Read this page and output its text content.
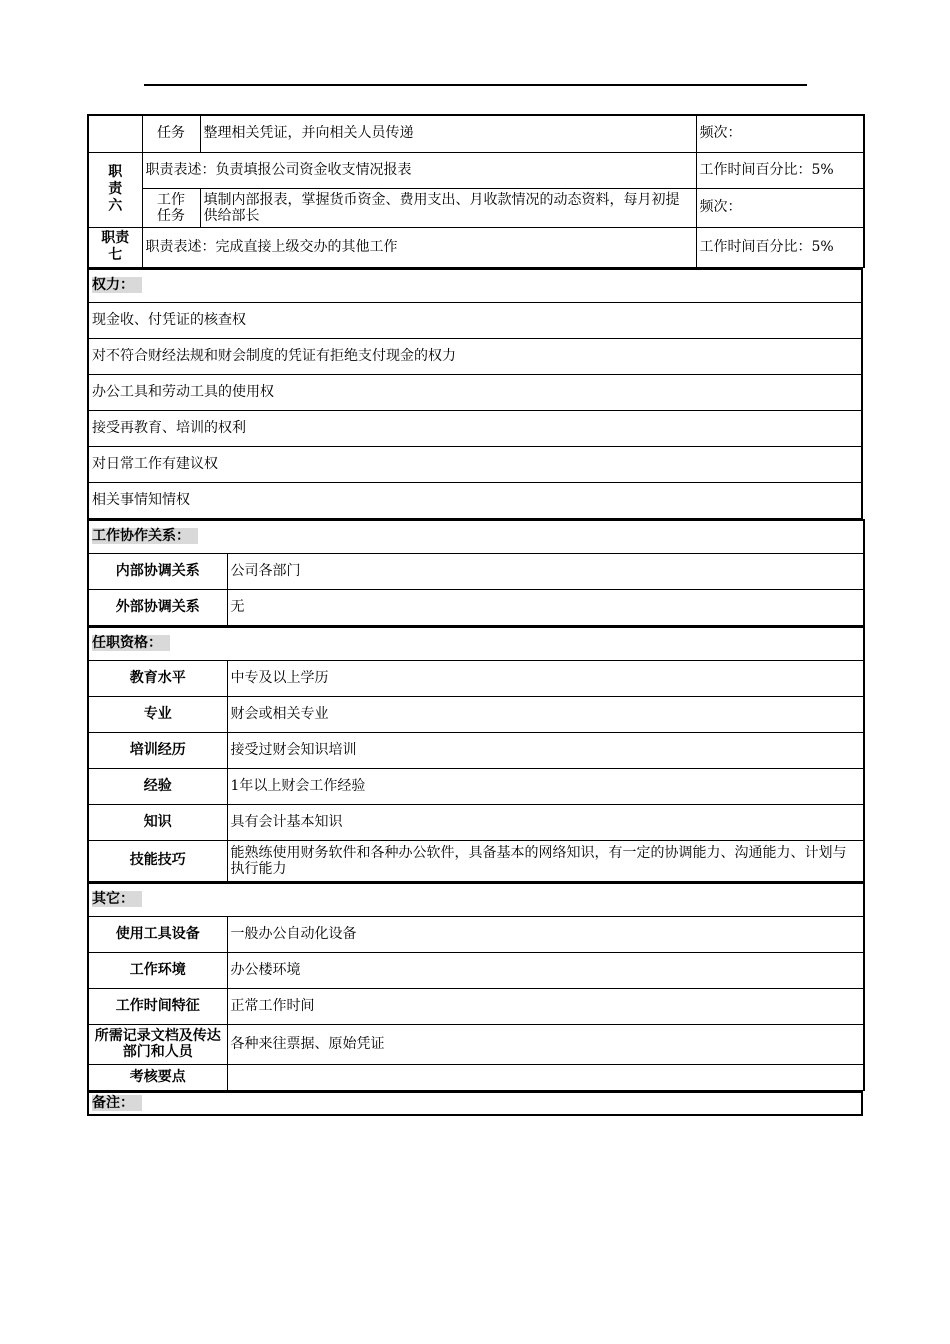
	任务	整理相关凭证，并向相关人员传递	频次：

职责六	职责表述：负责填报公司资金收支情况报表		工作时间百分比：5%

	工作任务	填制内部报表，掌握货币资金、费用支出、月收款情况的动态资料，每月初提供给部长	频次：

职责七	职责表述：完成直接上级交办的其他工作		工作时间百分比：5%
权力：
现金收、付凭证的核查权
对不符合财经法规和财会制度的凭证有拒绝支付现金的权力
办公工具和劳动工具的使用权
接受再教育、培训的权利
对日常工作有建议权
相关事情知情权
工作协作关系：	
内部协调关系	公司各部门
外部协调关系	无
任职资格：	
教育水平	中专及以上学历
专业	财会或相关专业
培训经历	接受过财会知识培训
经验	1年以上财会工作经验
知识	具有会计基本知识
技能技巧	能熟练使用财务软件和各种办公软件，具备基本的网络知识，有一定的协调能力、沟通能力、计划与执行能力
其它：	
使用工具设备	一般办公自动化设备
工作环境	办公楼环境
工作时间特征	正常工作时间
所需记录文档及传达部门和人员	各种来往票据、原始凭证
考核要点	
备注：
